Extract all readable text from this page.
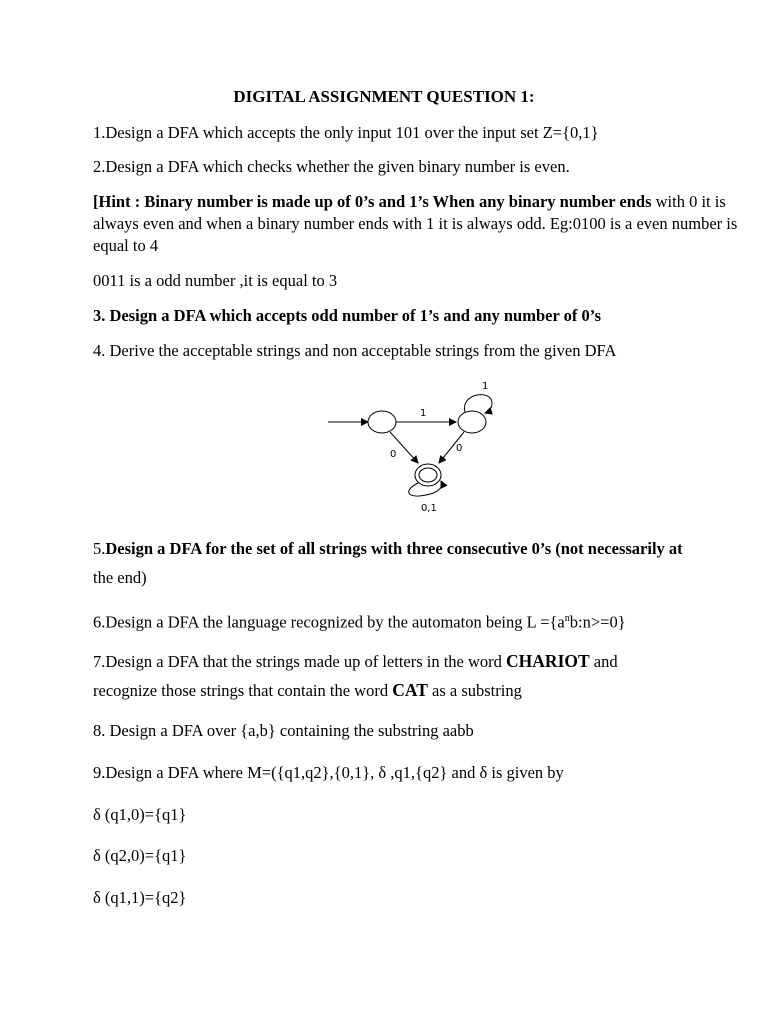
DIGITAL ASSIGNMENT QUESTION 1:
1.Design a DFA which accepts the only input 101 over the input set Z={0,1}
2.Design a DFA which checks whether the given binary number is even.
[Hint : Binary number is made up of 0’s and 1’s When any binary number ends with 0 it is always even and when a binary number ends with 1 it is always odd. Eg:0100 is a even number is equal to 4
0011 is a odd number ,it is equal to 3
3. Design a DFA which accepts odd number of 1’s and any number of 0’s
4. Derive the acceptable strings and non acceptable strings from the given DFA
1
1
0
0
0,1
5.Design a DFA for the set of all strings with three consecutive 0’s (not necessarily at
the end)
6.Design a DFA the language recognized by the automaton being $L =\{a^nb:n>=0\}$
7.Design a DFA that the strings made up of letters in the word CHARIOT and
recognize those strings that contain the word CAT as a substring
8. Design a DFA over {a,b} containing the substring aabb
9.Design a DFA where M=({q1,q2},{0,1}, δ ,q1,{q2} and δ is given by
δ (q1,0)={q1}
δ (q2,0)={q1}
δ (q1,1)={q2}
